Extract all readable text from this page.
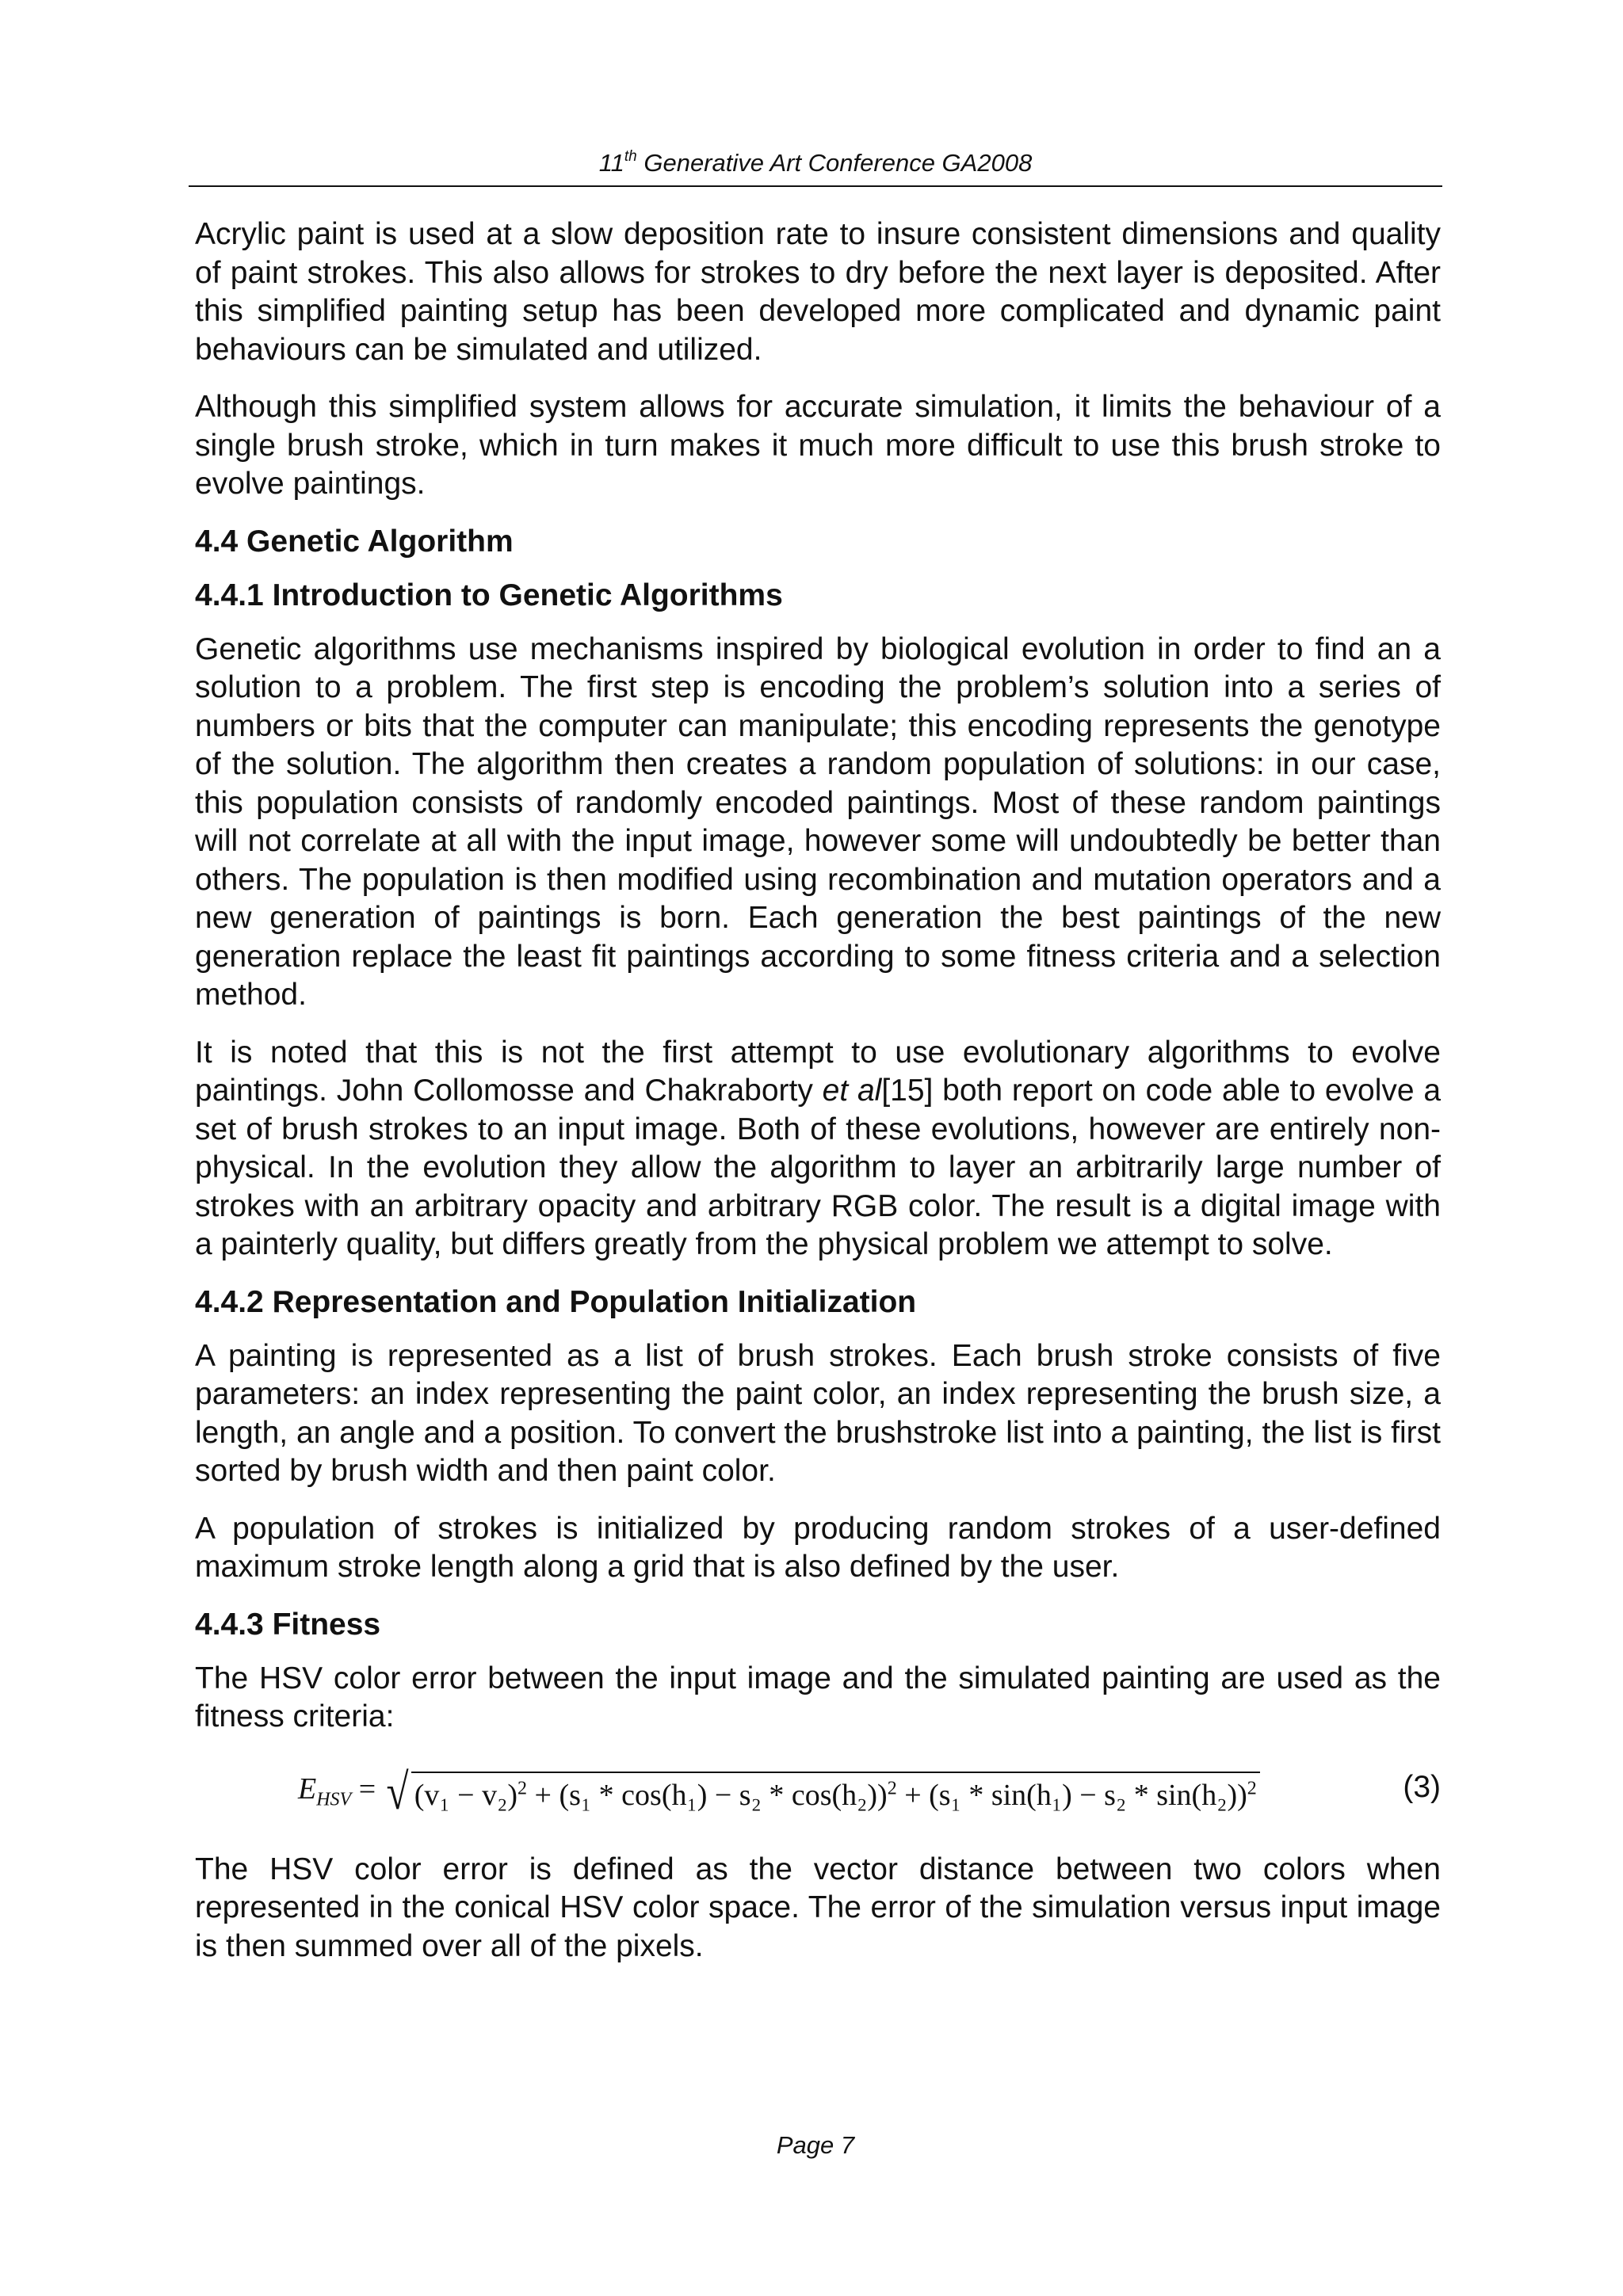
11th Generative Art Conference GA2008

Acrylic paint is used at a slow deposition rate to insure consistent dimensions and quality of paint strokes. This also allows for strokes to dry before the next layer is deposited. After this simplified painting setup has been developed more complicated and dynamic paint behaviours can be simulated and utilized.

Although this simplified system allows for accurate simulation, it limits the behaviour of a single brush stroke, which in turn makes it much more difficult to use this brush stroke to evolve paintings.

4.4 Genetic Algorithm
4.4.1 Introduction to Genetic Algorithms

Genetic algorithms use mechanisms inspired by biological evolution in order to find an a solution to a problem. The first step is encoding the problem’s solution into a series of numbers or bits that the computer can manipulate; this encoding represents the genotype of the solution. The algorithm then creates a random population of solutions: in our case, this population consists of randomly encoded paintings. Most of these random paintings will not correlate at all with the input image, however some will undoubtedly be better than others. The population is then modified using recombination and mutation operators and a new generation of paintings is born. Each generation the best paintings of the new generation replace the least fit paintings according to some fitness criteria and a selection method.

It is noted that this is not the first attempt to use evolutionary algorithms to evolve paintings. John Collomosse and Chakraborty et al[15] both report on code able to evolve a set of brush strokes to an input image. Both of these evolutions, however are entirely non-physical. In the evolution they allow the algorithm to layer an arbitrarily large number of strokes with an arbitrary opacity and arbitrary RGB color. The result is a digital image with a painterly quality, but differs greatly from the physical problem we attempt to solve.

4.4.2 Representation and Population Initialization

A painting is represented as a list of brush strokes. Each brush stroke consists of five parameters: an index representing the paint color, an index representing the brush size, a length, an angle and a position. To convert the brushstroke list into a painting, the list is first sorted by brush width and then paint color.

A population of strokes is initialized by producing random strokes of a user-defined maximum stroke length along a grid that is also defined by the user.

4.4.3 Fitness

The HSV color error between the input image and the simulated painting are used as the fitness criteria:

$E_{HSV}$ = √ $(v_1 - v_2)^2 + (s_1 * \cos(h_1) - s_2 * \cos(h_2))^2 + (s_1 * \sin(h_1) - s_2 * \sin(h_2))^2$	(3)

The HSV color error is defined as the vector distance between two colors when represented in the conical HSV color space. The error of the simulation versus input image is then summed over all of the pixels.

Page 7
